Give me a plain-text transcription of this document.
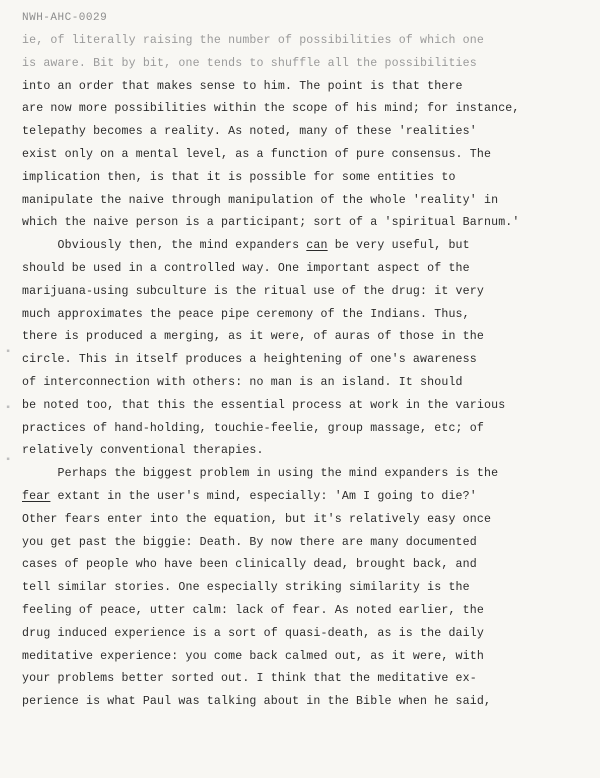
NWH-AHC-0029
▪
▪
▪
ie, of literally raising the number of possibilities of which one
is aware. Bit by bit, one tends to shuffle all the possibilities
into an order that makes sense to him. The point is that there
are now more possibilities within the scope of his mind; for instance,
telepathy becomes a reality. As noted, many of these 'realities'
exist only on a mental level, as a function of pure consensus. The
implication then, is that it is possible for some entities to
manipulate the naive through manipulation of the whole 'reality' in
which the naive person is a participant; sort of a 'spiritual Barnum.'
Obviously then, the mind expanders can be very useful, but
should be used in a controlled way. One important aspect of the
marijuana-using subculture is the ritual use of the drug: it very
much approximates the peace pipe ceremony of the Indians. Thus,
there is produced a merging, as it were, of auras of those in the
circle. This in itself produces a heightening of one's awareness
of interconnection with others: no man is an island. It should
be noted too, that this the essential process at work in the various
practices of hand-holding, touchie-feelie, group massage, etc; of
relatively conventional therapies.
Perhaps the biggest problem in using the mind expanders is the
fear extant in the user's mind, especially: 'Am I going to die?'
Other fears enter into the equation, but it's relatively easy once
you get past the biggie: Death. By now there are many documented
cases of people who have been clinically dead, brought back, and
tell similar stories. One especially striking similarity is the
feeling of peace, utter calm: lack of fear. As noted earlier, the
drug induced experience is a sort of quasi-death, as is the daily
meditative experience: you come back calmed out, as it were, with
your problems better sorted out. I think that the meditative ex-
perience is what Paul was talking about in the Bible when he said,
